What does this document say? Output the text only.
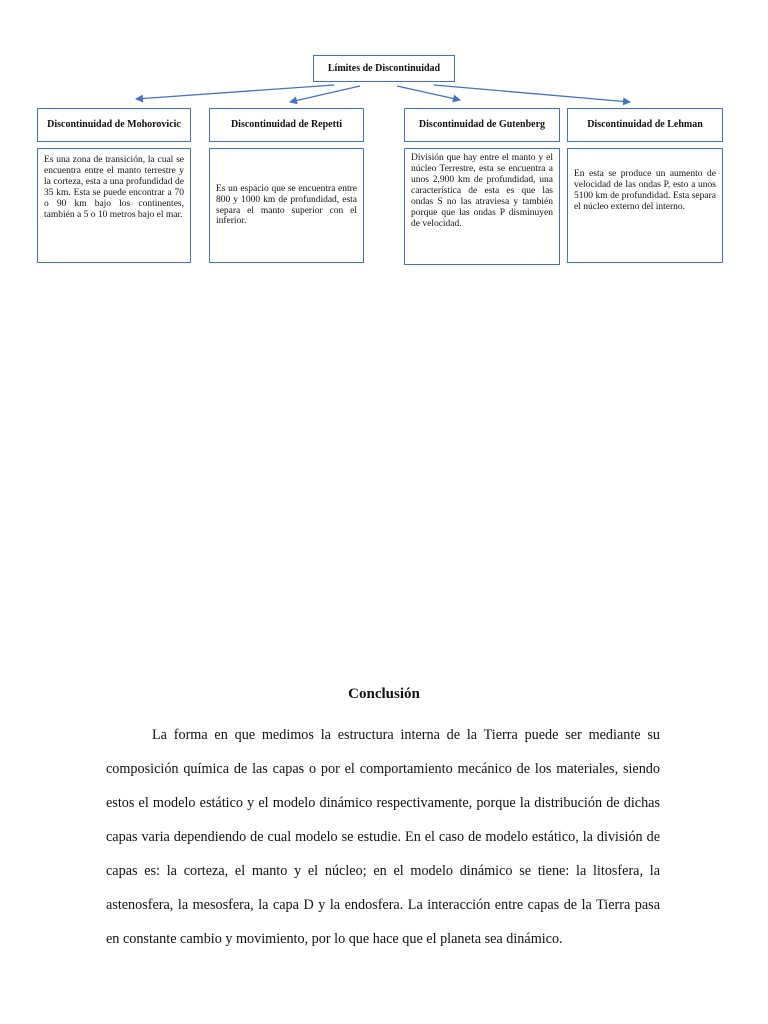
Límites de Discontinuidad
Discontinuidad de Mohorovicic
Es una zona de transición, la cual se encuentra entre el manto terrestre y la corteza, esta a una profundidad de 35 km. Esta se puede encontrar a 70 o 90 km bajo los continentes, también a 5 o 10 metros bajo el mar.
Discontinuidad de Repetti
Es un espacio que se encuentra entre 800 y 1000 km de profundidad, esta separa el manto superior con el inferior.
Discontinuidad de Gutenberg
División que hay entre el manto y el núcleo Terrestre, esta se encuentra a unos 2,900 km de profundidad, una característica de esta es que las ondas S no las atraviesa y también porque que las ondas P disminuyen de velocidad.
Discontinuidad de Lehman
En esta se produce un aumento de velocidad de las ondas P, esto a unos 5100 km de profundidad. Esta separa el núcleo externo del interno.
Conclusión

La forma en que medimos la estructura interna de la Tierra puede ser mediante su composición química de las capas o por el comportamiento mecánico de los materiales, siendo estos el modelo estático y el modelo dinámico respectivamente, porque la distribución de dichas capas varia dependiendo de cual modelo se estudie. En el caso de modelo estático, la división de capas es: la corteza, el manto y el núcleo; en el modelo dinámico se tiene: la litosfera, la astenosfera, la mesosfera, la capa D y la endosfera. La interacción entre capas de la Tierra pasa en constante cambio y movimiento, por lo que hace que el planeta sea dinámico.
